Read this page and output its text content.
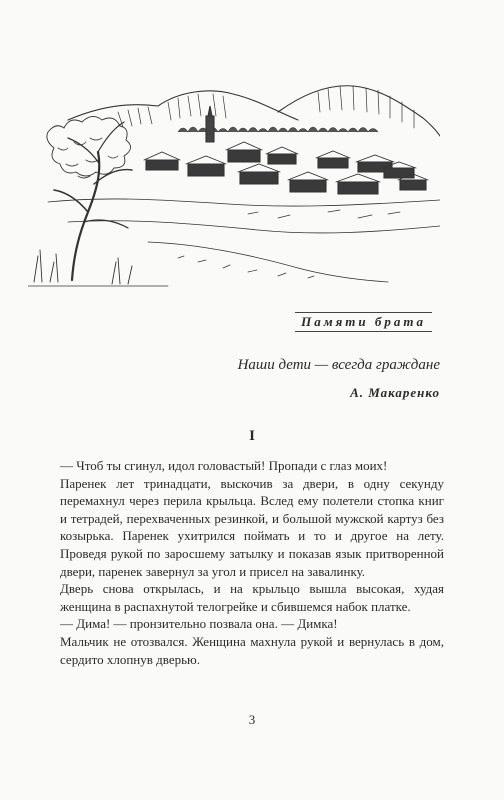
Памяти брата
Наши дети — всегда граждане
А. Макаренко
I

— Чтоб ты сгинул, идол головастый! Пропади с глаз моих!

Паренек лет тринадцати, выскочив за двери, в одну секунду перемахнул через перила крыльца. Вслед ему полетели стопка книг и тетрадей, перехваченных резинкой, и большой мужской картуз без козырька. Паренек ухитрился поймать и то и другое на лету. Проведя рукой по заросшему затылку и показав язык притворенной двери, паренек завернул за угол и присел на завалинку.

Дверь снова открылась, и на крыльцо вышла высокая, худая женщина в распахнутой телогрейке и сбившемся набок платке.

— Дима! — пронзительно позвала она. — Димка!

Мальчик не отозвался. Женщина махнула рукой и вернулась в дом, сердито хлопнув дверью.

3
